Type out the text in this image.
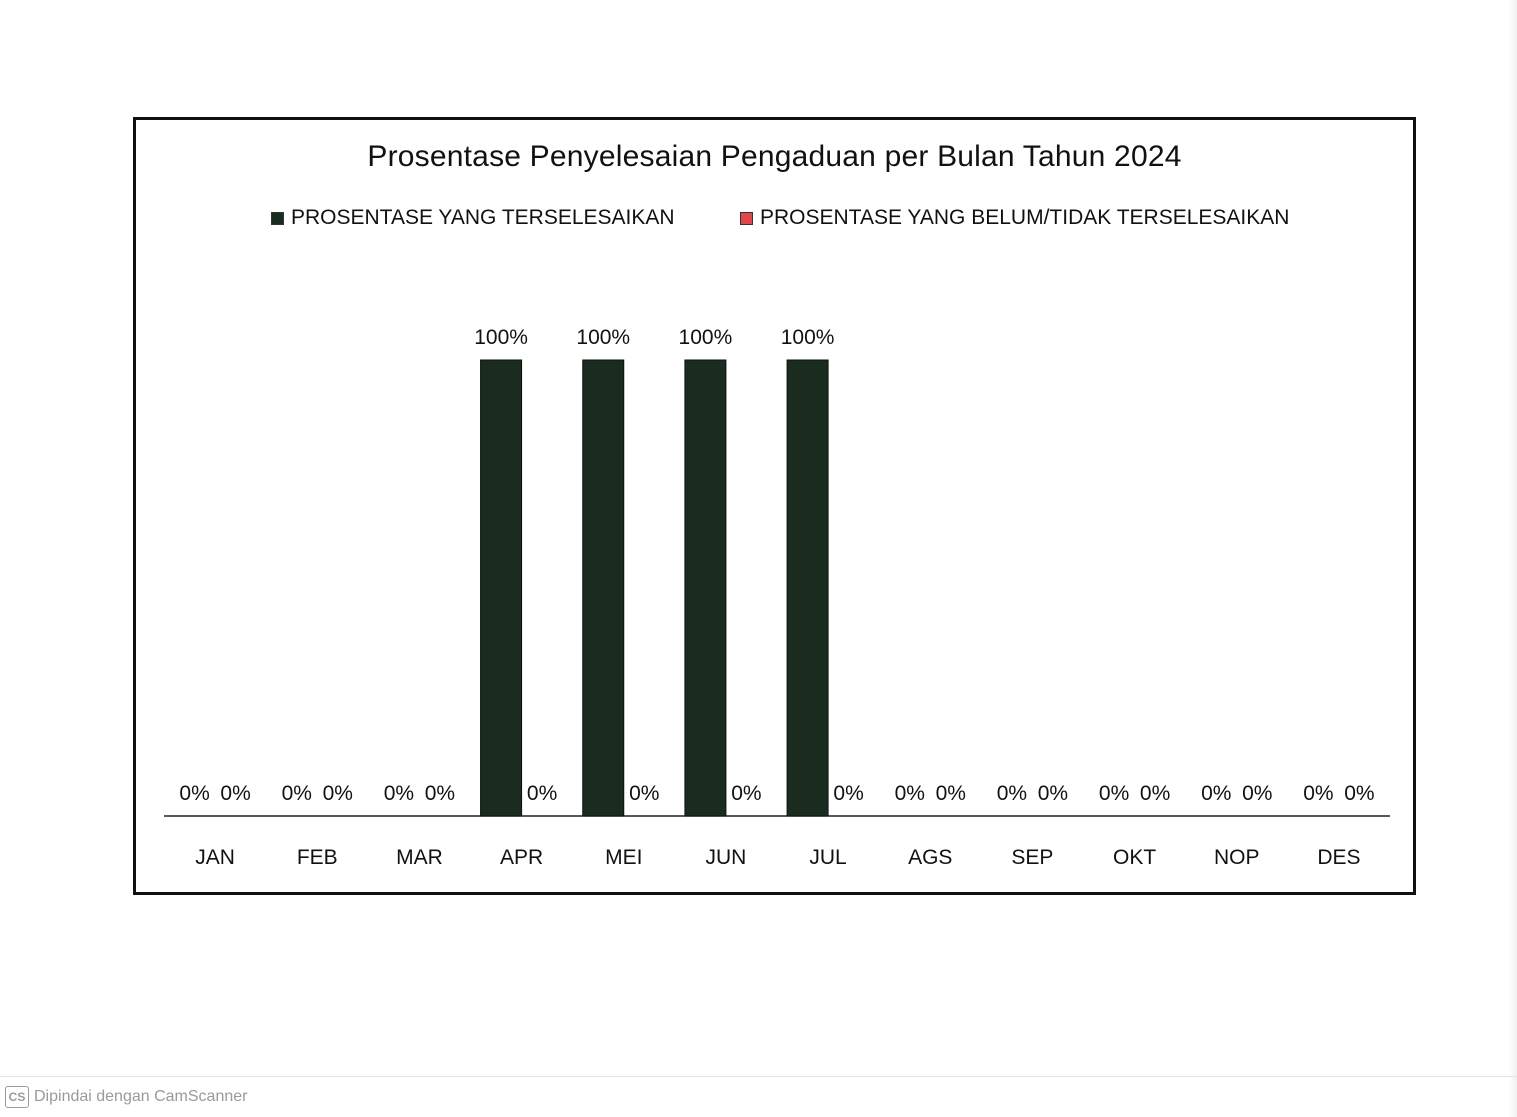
Prosentase Penyelesaian Pengaduan per Bulan Tahun 2024
PROSENTASE YANG TERSELESAIKAN	PROSENTASE YANG BELUM/TIDAK TERSELESAIKAN
0% 0%
JAN
0% 0%
FEB
0% 0%
MAR
100%
0%
APR
100%
0%
MEI
100%
0%
JUN
100%
0%
JUL
0% 0%
AGS
0% 0%
SEP
0% 0%
OKT
0% 0%
NOP
0% 0%
DES
CS Dipindai dengan CamScanner
